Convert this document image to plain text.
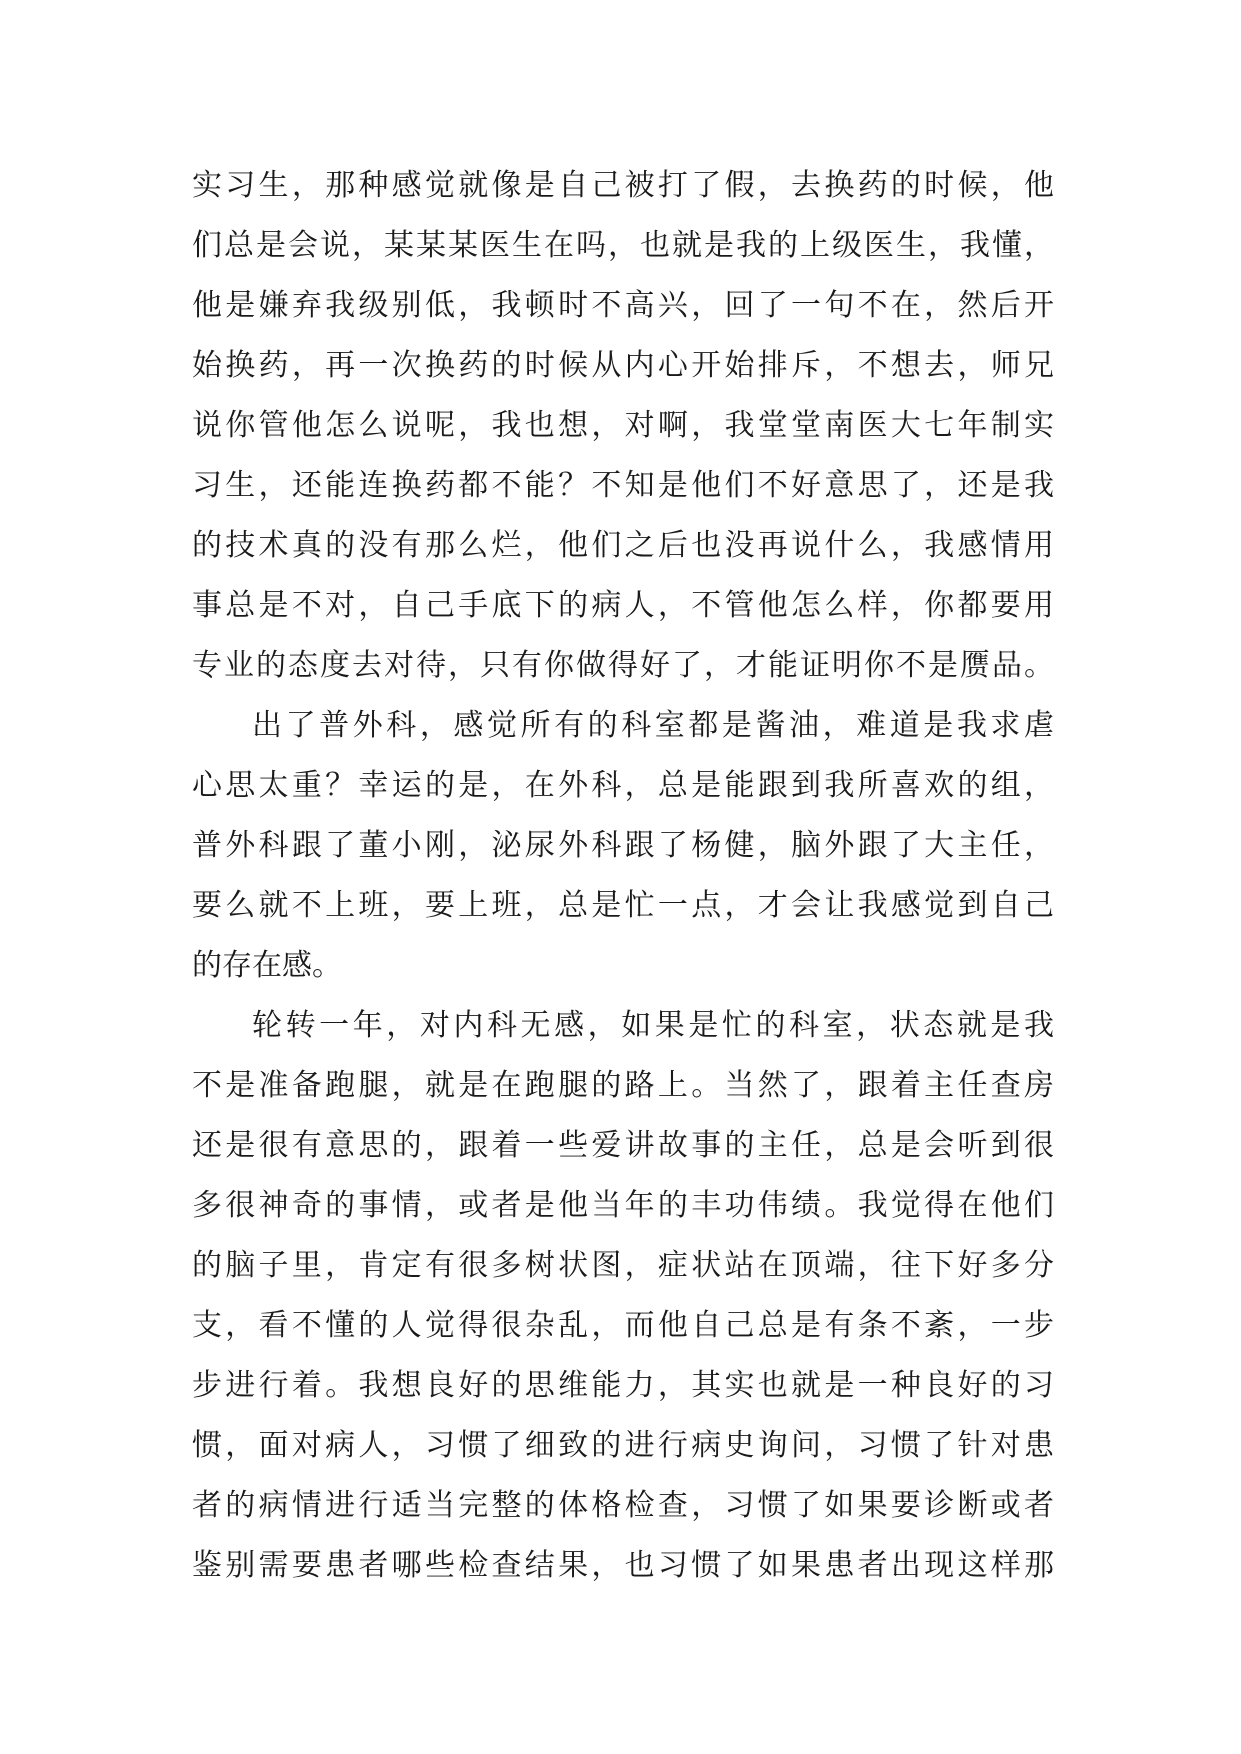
实习生，那种感觉就像是自己被打了假，去换药的时候，他
们总是会说，某某某医生在吗，也就是我的上级医生，我懂，
他是嫌弃我级别低，我顿时不高兴，回了一句不在，然后开
始换药，再一次换药的时候从内心开始排斥，不想去，师兄
说你管他怎么说呢，我也想，对啊，我堂堂南医大七年制实
习生，还能连换药都不能？不知是他们不好意思了，还是我
的技术真的没有那么烂，他们之后也没再说什么，我感情用
事总是不对，自己手底下的病人，不管他怎么样，你都要用
专业的态度去对待，只有你做得好了，才能证明你不是赝品。
出了普外科，感觉所有的科室都是酱油，难道是我求虐
心思太重？幸运的是，在外科，总是能跟到我所喜欢的组，
普外科跟了董小刚，泌尿外科跟了杨健，脑外跟了大主任，
要么就不上班，要上班，总是忙一点，才会让我感觉到自己
的存在感。
轮转一年，对内科无感，如果是忙的科室，状态就是我
不是准备跑腿，就是在跑腿的路上。当然了，跟着主任查房
还是很有意思的，跟着一些爱讲故事的主任，总是会听到很
多很神奇的事情，或者是他当年的丰功伟绩。我觉得在他们
的脑子里，肯定有很多树状图，症状站在顶端，往下好多分
支，看不懂的人觉得很杂乱，而他自己总是有条不紊，一步
步进行着。我想良好的思维能力，其实也就是一种良好的习
惯，面对病人，习惯了细致的进行病史询问，习惯了针对患
者的病情进行适当完整的体格检查，习惯了如果要诊断或者
鉴别需要患者哪些检查结果，也习惯了如果患者出现这样那
